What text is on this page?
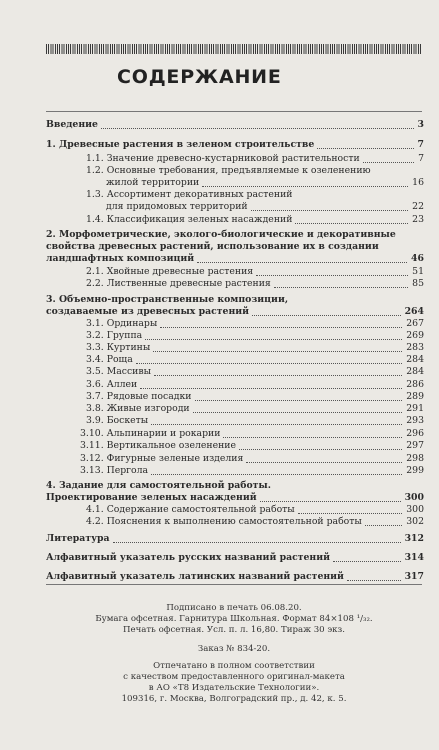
СОДЕРЖАНИЕ
Введение	3
1. Древесные растения в зеленом строительстве	7
1.1. Значение древесно-кустарниковой растительности	7
1.2. Основные требования, предъявляемые к озеленению
жилой территории	16
1.3. Ассортимент декоративных растений
для придомовых территорий	22
1.4. Классификация зеленых насаждений	23
2. Морфометрические, эколого-биологические и декоративные
свойства древесных растений, использование их в создании
ландшафтных композиций	46
2.1. Хвойные древесные растения	51
2.2. Лиственные древесные растения	85
3. Объемно-пространственные композиции,
создаваемые из древесных растений	264
3.1. Ординары	267
3.2. Группа	269
3.3. Куртины	283
3.4. Роща	284
3.5. Массивы	284
3.6. Аллеи	286
3.7. Рядовые посадки	289
3.8. Живые изгороди	291
3.9. Боскеты	293
3.10. Альпинарии и рокарии	296
3.11. Вертикальное озеленение	297
3.12. Фигурные зеленые изделия	298
3.13. Пергола	299
4. Задание для самостоятельной работы.
Проектирование зеленых насаждений	300
4.1. Содержание самостоятельной работы	300
4.2. Пояснения к выполнению самостоятельной работы	302
Литература	312
Алфавитный указатель русских названий растений	314
Алфавитный указатель латинских названий растений	317
Подписано в печать 06.08.20.
Бумага офсетная. Гарнитура Школьная. Формат 84×108 ¹/₃₂.
Печать офсетная. Усл. п. л. 16,80. Тираж 30 экз.
Заказ № 834-20.
Отпечатано в полном соответствии
с качеством предоставленного оригинал-макета
в АО «Т8 Издательские Технологии».
109316, г. Москва, Волгоградский пр., д. 42, к. 5.
